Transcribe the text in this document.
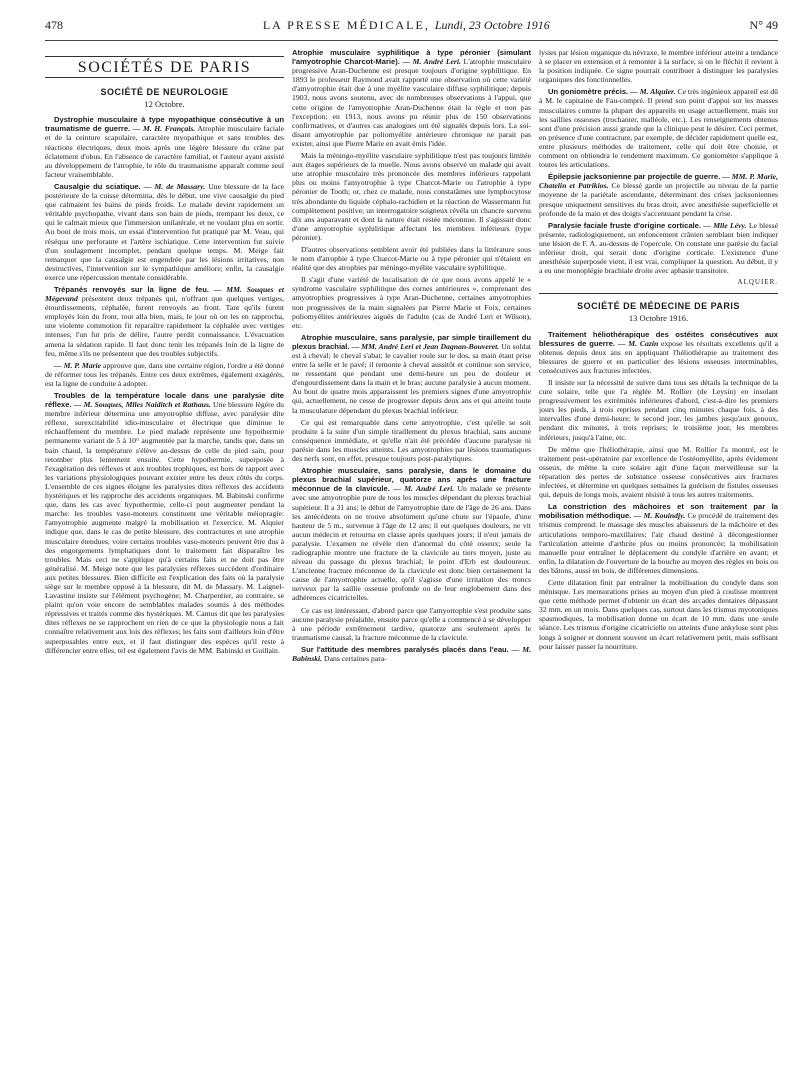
478	LA PRESSE MÉDICALE, Lundi, 23 Octobre 1916	N° 49
SOCIÉTÉS DE PARIS
SOCIÉTÉ DE NEUROLOGIE
12 Octobre.

Dystrophie musculaire à type myopathique consécutive à un traumatisme de guerre. — M. H. Français. Atrophie musculaire faciale et de la ceinture scapulaire, caractère myopathique et sans troubles des réactions électriques, deux mois après une légère blessure du crâne par éclatement d'obus. En l'absence de caractère familial, et l'auteur ayant assisté au développement de l'atrophie, le rôle du traumatisme apparaît comme seul facteur vraisemblable.

Causalgie du sciatique. — M. de Massary. Une blessure de la face postérieure de la cuisse détermina, dès le début, une vive causalgie du pied que calmaient les bains de pieds froids. Le malade devint rapidement un véritable psychopathe, vivant dans son bain de pieds, trempant les deux, ce qui le calmait mieux que l'immersion unilatérale, et ne voulant plus en sortir. Au bout de trois mois, un essai d'intervention fut pratiqué par M. Veau, qui réséqua une perforante et l'artère ischiatique. Cette intervention fut suivie d'un soulagement incomplet, pendant quelque temps. M. Meige fait remarquer que la causalgie est engendrée par les lésions irritatives, non destructives, l'intervention sur le sympathique améliore; enfin, la causalgie exerce une répercussion mentale considérable.

Trépanés renvoyés sur la ligne de feu. — MM. Souques et Mégevand présentent deux trépanés qui, n'offrant que quelques vertiges, étourdissements, céphalée, furent renvoyés au front. Tant qu'ils furent employés loin du front, tout alla bien, mais, le jour où on les en rapprocha, une violente commotion fit reparaître rapidement la céphalée avec vertiges intenses; l'un fut pris de délire, l'autre perdit connaissance. L'évacuation amena la sédation rapide. Il faut donc tenir les trépanés loin de la ligne de feu, même s'ils ne présentent que des troubles subjectifs.

— M. P. Marie approuve que, dans une certaine région, l'ordre a été donné de réformer tous les trépanés. Entre ces deux extrêmes, également exagérés, est la ligne de conduite à adopter.

Troubles de la température locale dans une paralysie dite réflexe. — M. Souques, Mlles Naiditch et Rathaus. Une blessure légère du membre inférieur détermina une amyotrophie diffuse, avec paralysie dite réflexe, surexcitabilité idio-musculaire et électrique que diminue le réchauffement du membre. Le pied malade représente une hypothermie permanente variant de 5 à 10° augmentée par la marche, tandis que, dans un bain chaud, la température s'élève au-dessus de celle du pied sain, pour retomber plus lentement ensuite. Cette hypothermie, superposée à l'exagération des réflexes et aux troubles trophiques, est hors de rapport avec les variations physiologiques pouvant exister entre les deux côtés du corps. L'ensemble de ces signes éloigne les paralysies dites réflexes des accidents hystériques et les rapproche des accidents organiques. M. Babinski confirme que, dans les cas avec hypothermie, celle-ci peut augmenter pendant la marche: les troubles vaso-moteurs constituent une véritable méiopragie: l'amyotrophie augmente malgré la mobilisation et l'exercice. M. Alquier indique que, dans le cas de petite blessure, des contractures et une atrophie musculaire étendues, voire certains troubles vaso-moteurs peuvent être dus à des engorgements lymphatiques dont le traitement fait disparaître les troubles. Mais ceci ne s'applique qu'à certains faits et ne doit pas être généralisé. M. Meige note que les paralysies réflexes succèdent d'ordinaire aux petites blessures. Bien difficile est l'explication des faits où la paralysie siège sur le membre opposé à la blessure, dit M. de Massary. M. Laignel-Lavastine insiste sur l'élément psychogène; M. Charpentier, au contraire, se plaint qu'on voie encore de semblables malades soumis à des méthodes répressives et traités comme des hystériques. M. Camus dit que les paralysies dites réflexes ne se rapprochent en rien de ce que la physiologie nous a fait connaître relativement aux lois des réflexes; les faits sont d'ailleurs loin d'être superposables entre eux, et il faut distinguer des espèces qu'il reste à différencier entre elles, tel est également l'avis de MM. Babinski et Guillain.

Atrophie musculaire syphilitique à type péronier (simulant l'amyotrophie Charcot-Marie). — M. André Leri. L'atrophie musculaire progressive Aran-Duchenne est presque toujours d'origine syphilitique. En 1893 le professeur Raymond avait rapporté une observation où cette variété d'amyotrophie était due à une myélite vasculaire diffuse syphilitique; depuis 1903, nous avons soutenu, avec de nombreuses observations à l'appui, que cette origine de l'amyotrophie Aran-Duchenne était la règle et non pas l'exception; en 1913, nous avons pu réunir plus de 150 observations confirmatives, et d'autres cas analogues ont été signalés depuis lors. La soi-disant amyotrophie par poliomyélite antérieure chronique ne parait pas exister, ainsi que Pierre Marie en avait émis l'idée.

Mais la méningo-myélite vasculaire syphilitique n'est pas toujours limitée aux étages supérieurs de la moelle. Nous avons observé un malade qui avait une atrophie musculaire très prononcée des membres inférieurs rappelant plus ou moins l'amyotrophie à type Charcot-Marie ou l'atrophie à type péronier de Tooth; or, chez ce malade, nous constatâmes une lymphocytose très abondante du liquide céphalo-rachidien et la réaction de Wassermann fut complètement positive; un interrogatoire soigneux révéla un chancre survenu dix ans auparavant et dont la nature était restée méconnue. Il s'agissait donc d'une amyotrophie syphilitique affectant les membres inférieurs (type péronier).

D'autres observations semblent avoir été publiées dans la littérature sous le nom d'atrophie à type Charcot-Marie ou à type péronier qui n'étaient en réalité que des atrophies par méningo-myélite vasculaire syphilitique.

Il s'agit d'une variété de localisation de ce que nous avons appelé le « syndrome vasculaire syphilitique des cornes antérieures », comprenant des amyotrophies progressives à type Aran-Duchenne, certaines amyotrophies non progressives de la main signalées par Pierre Marie et Foix, certaines poliomyélites antérieures aiguës de l'adulte (cas de André Leri et Wilson), etc.

Atrophie musculaire, sans paralysie, par simple tiraillement du plexus brachial. — MM. André Leri et Jean Dagnan-Bouveret. Un soldat est à cheval; le cheval s'abat; le cavalier roule sur le dos, sa main étant prise entre la selle et le pavé; il remonte à cheval aussitôt et continue son service, ne ressentant que pendant une demi-heure un peu de douleur et d'engourdissement dans la main et le bras; aucune paralysie à aucun moment. Au bout de quatre mois apparaissent les premiers signes d'une amyotrophie qui, actuellement, ne cesse de progresser depuis deux ans et qui atteint toute la musculature dépendant du plexus brachial inférieur.

Ce qui est remarquable dans cette amyotrophie, c'est qu'elle se soit produite à la suite d'un simple tiraillement du plexus brachial, sans aucune conséquence immédiate, et qu'elle n'ait été précédée d'aucune paralysie ni parésie dans les muscles atteints. Les amyotrophies par lésions traumatiques des nerfs sont, en effet, presque toujours post-paralytiques.

Atrophie musculaire, sans paralysie, dans le domaine du plexus brachial supérieur, quatorze ans après une fracture méconnue de la clavicule. — M. André Leri. Un malade se présente avec une amyotrophie pure de tous les muscles dépendant du plexus brachial supérieur. Il a 31 ans; le début de l'amyotrophie date de l'âge de 26 ans. Dans les antécédents on ne trouve absolument qu'une chute sur l'épaule, d'une hauteur de 5 m., survenue à l'âge de 12 ans; il eut quelques douleurs, ne vit aucun médecin et retourna en classe après quelques jours; il n'eut jamais de paralysie. L'examen ne révèle rien d'anormal du côté osseux; seule la radiographie montre une fracture de la clavicule au tiers moyen, juste au niveau du passage du plexus brachial; le point d'Erb est douloureux. L'ancienne fracture méconnue de la clavicule est donc bien certainement la cause de l'amyotrophie actuelle, qu'il s'agisse d'une irritation des troncs nerveux par la saillie osseuse profonde ou de leur englobement dans des adhérences cicatricielles.

Ce cas est intéressant, d'abord parce que l'amyotrophie s'est produite sans aucune paralysie préalable, ensuite parce qu'elle a commencé à se développer à une période extrêmement tardive, quatorze ans seulement après le traumatisme causal, la fracture méconnue de la clavicule.

Sur l'attitude des membres paralysés placés dans l'eau. — M. Babinski. Dans certaines para-

lysies par lésion organique du névraxe, le membre inférieur atteint a tendance à se placer en extension et à remonter à la surface, si on le fléchit il revient à la position indiquée. Ce signe pourrait contribuer à distinguer les paralysies organiques des fonctionnelles.

Un goniomètre précis. — M. Alquier. Ce très ingénieux appareil est dû à M. le capitaine de Fau-compré. Il prend son point d'appui sur les masses musculaires comme la plupart des appareils en usage actuellement, mais sur les saillies osseuses (trochanter, malléole, etc.). Les renseignements obtenus sont d'une précision aussi grande que la clinique peut le désirer. Ceci permet, en présence d'une contracture, par exemple, de décider rapidement quelle est, entre plusieurs méthodes de traitement, celle qui doit être choisie, et comment on obtiendra le rendement maximum. Ce goniomètre s'applique à toutes les articulations.

Épilepsie jacksonienne par projectile de guerre. — MM. P. Marie, Chatelin et Patrikios. Ce blessé garde un projectile au niveau de la partie moyenne de la pariétale ascendante, déterminant des crises jacksoniennes presque uniquement sensitives du bras droit, avec anesthésie superficielle et profonde de la main et des doigts s'accentuant pendant la crise.

Paralysie faciale fruste d'origine corticale. — Mlle Lévy. Le blessé présente, radiologiquement, un enfoncement crânien semblant bien indiquer une lésion de F. A. au-dessus de l'opercule. On constate une parésie du facial inférieur droit, qui serait donc d'origine corticale. L'existence d'une anesthésie superposée vient, il est vrai, compliquer la question. Au début, il y a eu une monoplégie brachiale droite avec aphasie transitoire.

ALQUIER.
SOCIÉTÉ DE MÉDECINE DE PARIS
13 Octobre 1916.

Traitement héliothérapique des ostéites consécutives aux blessures de guerre. — M. Cazin expose les résultats excellents qu'il a obtenus depuis deux ans en appliquant l'héliothérapie au traitement des blessures de guerre et en particulier des lésions osseuses interminables, consécutives aux fractures infectées.

Il insiste sur la nécessité de suivre dans tous ses détails la technique de la cure solaire, telle que l'a réglée M. Rollier (de Leysin) en insolant progressivement les extrémités inférieures d'abord, c'est-à-dire les premiers jours les pieds, à trois reprises pendant cinq minutes chaque fois, à des intervalles d'une demi-heure; le second jour, les jambes jusqu'aux genoux, pendant dix minutes, à trois reprises; le troisième jour, les membres inférieurs, jusqu'à l'aine, etc.

De même que l'héliothérapie, ainsi que M. Rollier l'a montré, est le traitement post-opératoire par excellence de l'ostéomyélite, après évidement osseux, de même la cure solaire agit d'une façon merveilleuse sur la réparation des pertes de substance osseuse consécutives aux fractures infectées, et détermine en quelques semaines la guérison de fistules osseuses qui, depuis de longs mois, avaient résisté à tous les autres traitements.

La constriction des mâchoires et son traitement par la mobilisation méthodique. — M. Kouindjy. Ce procédé de traitement des trismus comprend: le massage des muscles abaisseurs de la mâchoire et des articulations temporo-maxillaires; l'air chaud destiné à décongestionner l'articulation atteinte d'arthrite plus ou moins prononcée; la mobilisation manuelle pour entraîner le déplacement du condyle d'arrière en avant; et enfin, la dilatation de l'ouverture de la bouche au moyen des règles en bois ou des bâtons, aussi en bois, de différentes dimensions.

Cette dilatation finit par entraîner la mobilisation du condyle dans son ménisque. Les mensurations prises au moyen d'un pied à coulisse montrent que cette méthode permet d'obtenir un écart des arcades dentaires dépassant 32 mm. en un mois. Dans quelques cas, surtout dans les trismus myotoniques spasmodiques, la mobilisation donne un écart de 10 mm. dans une seule séance. Les trismus d'origine cicatricielle ou atteints d'une ankylose sont plus longs à soigner et donnent souvent un écart relativement petit, mais suffisant pour laisser passer la nourriture.
